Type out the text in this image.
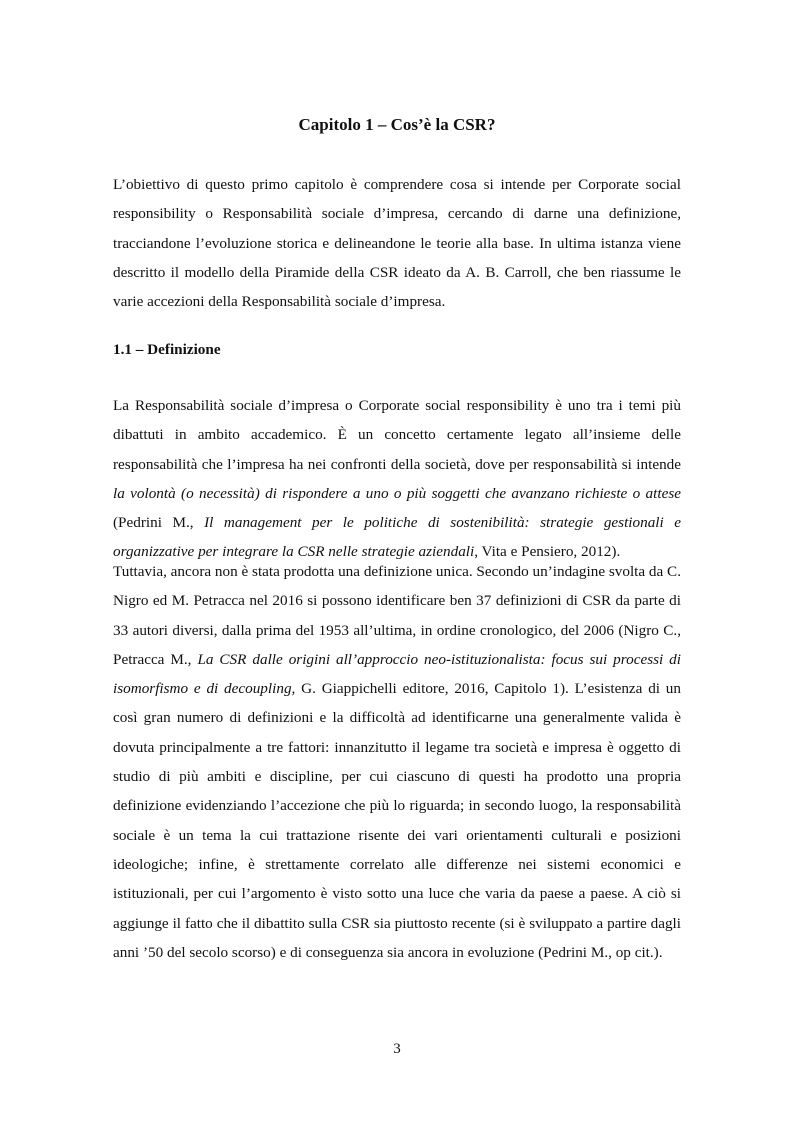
Capitolo 1 – Cos’è la CSR?

L’obiettivo di questo primo capitolo è comprendere cosa si intende per Corporate social responsibility o Responsabilità sociale d’impresa, cercando di darne una definizione, tracciandone l’evoluzione storica e delineandone le teorie alla base. In ultima istanza viene descritto il modello della Piramide della CSR ideato da A. B. Carroll, che ben riassume le varie accezioni della Responsabilità sociale d’impresa.

1.1 – Definizione

La Responsabilità sociale d’impresa o Corporate social responsibility è uno tra i temi più dibattuti in ambito accademico. È un concetto certamente legato all’insieme delle responsabilità che l’impresa ha nei confronti della società, dove per responsabilità si intende la volontà (o necessità) di rispondere a uno o più soggetti che avanzano richieste o attese (Pedrini M., Il management per le politiche di sostenibilità: strategie gestionali e organizzative per integrare la CSR nelle strategie aziendali, Vita e Pensiero, 2012).

Tuttavia, ancora non è stata prodotta una definizione unica. Secondo un’indagine svolta da C. Nigro ed M. Petracca nel 2016 si possono identificare ben 37 definizioni di CSR da parte di 33 autori diversi, dalla prima del 1953 all’ultima, in ordine cronologico, del 2006 (Nigro C., Petracca M., La CSR dalle origini all’approccio neo-istituzionalista: focus sui processi di isomorfismo e di decoupling, G. Giappichelli editore, 2016, Capitolo 1). L’esistenza di un così gran numero di definizioni e la difficoltà ad identificarne una generalmente valida è dovuta principalmente a tre fattori: innanzitutto il legame tra società e impresa è oggetto di studio di più ambiti e discipline, per cui ciascuno di questi ha prodotto una propria definizione evidenziando l’accezione che più lo riguarda; in secondo luogo, la responsabilità sociale è un tema la cui trattazione risente dei vari orientamenti culturali e posizioni ideologiche; infine, è strettamente correlato alle differenze nei sistemi economici e istituzionali, per cui l’argomento è visto sotto una luce che varia da paese a paese. A ciò si aggiunge il fatto che il dibattito sulla CSR sia piuttosto recente (si è sviluppato a partire dagli anni ’50 del secolo scorso) e di conseguenza sia ancora in evoluzione (Pedrini M., op cit.).

3
